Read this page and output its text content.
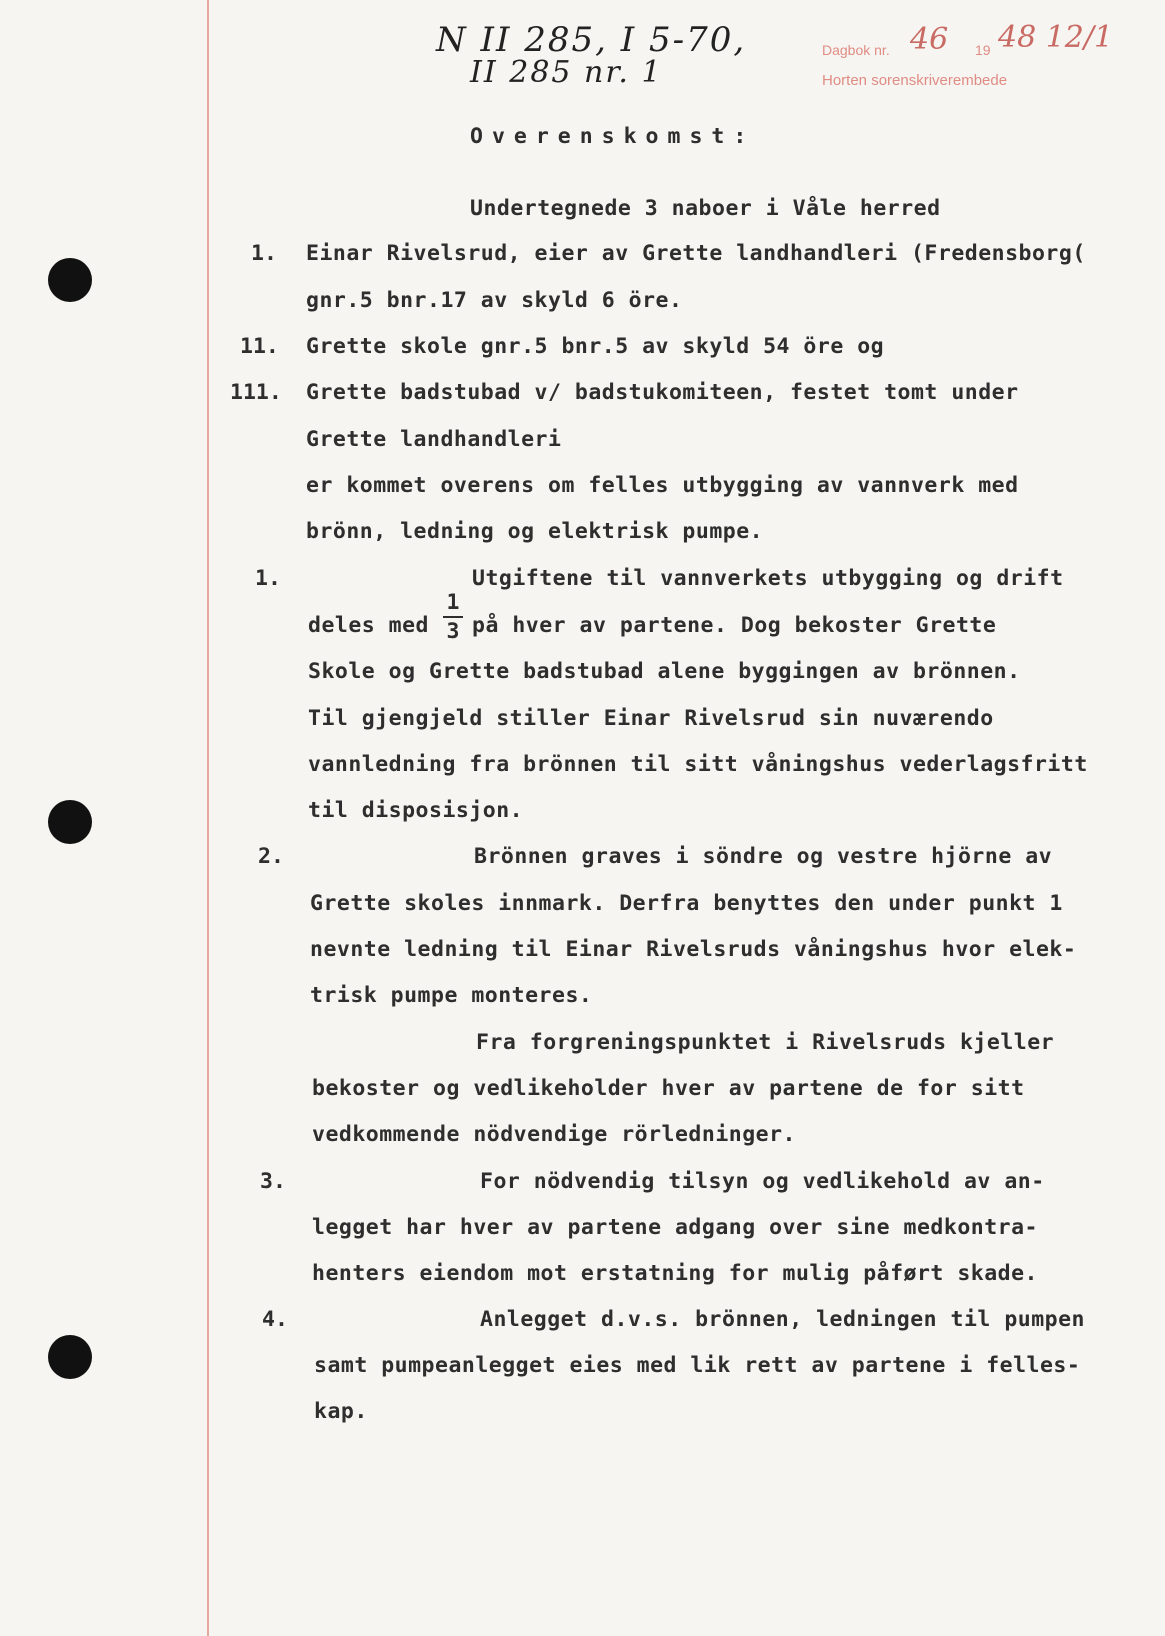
N II 285, I 5-70,
II 285 nr. 1
Dagbok nr. 46 19 48 12/1
Horten sorenskriverembede
Overenskomst:
Undertegnede 3 naboer i Våle herred
1. Einar Rivelsrud, eier av Grette landhandleri (Fredensborg(
gnr.5 bnr.17 av skyld 6 öre.
11. Grette skole gnr.5 bnr.5 av skyld 54 öre og
111. Grette badstubad v/ badstukomiteen, festet tomt under
Grette landhandleri
er kommet overens om felles utbygging av vannverk med
brönn, ledning og elektrisk pumpe.
1.	Utgiftene til vannverkets utbygging og drift
deles med
1
3 på hver av partene. Dog bekoster Grette
Skole og Grette badstubad alene byggingen av brönnen.
Til gjengjeld stiller Einar Rivelsrud sin nuværendo
vannledning fra brönnen til sitt våningshus vederlagsfritt
til disposisjon.
2.	Brönnen graves i söndre og vestre hjörne av
Grette skoles innmark. Derfra benyttes den under punkt 1
nevnte ledning til Einar Rivelsruds våningshus hvor elek-
trisk pumpe monteres.
Fra forgreningspunktet i Rivelsruds kjeller
bekoster og vedlikeholder hver av partene de for sitt
vedkommende nödvendige rörledninger.
3.	For nödvendig tilsyn og vedlikehold av an-
legget har hver av partene adgang over sine medkontra-
henters eiendom mot erstatning for mulig påført skade.
4.	Anlegget d.v.s. brönnen, ledningen til pumpen
samt pumpeanlegget eies med lik rett av partene i felles-
kap.
